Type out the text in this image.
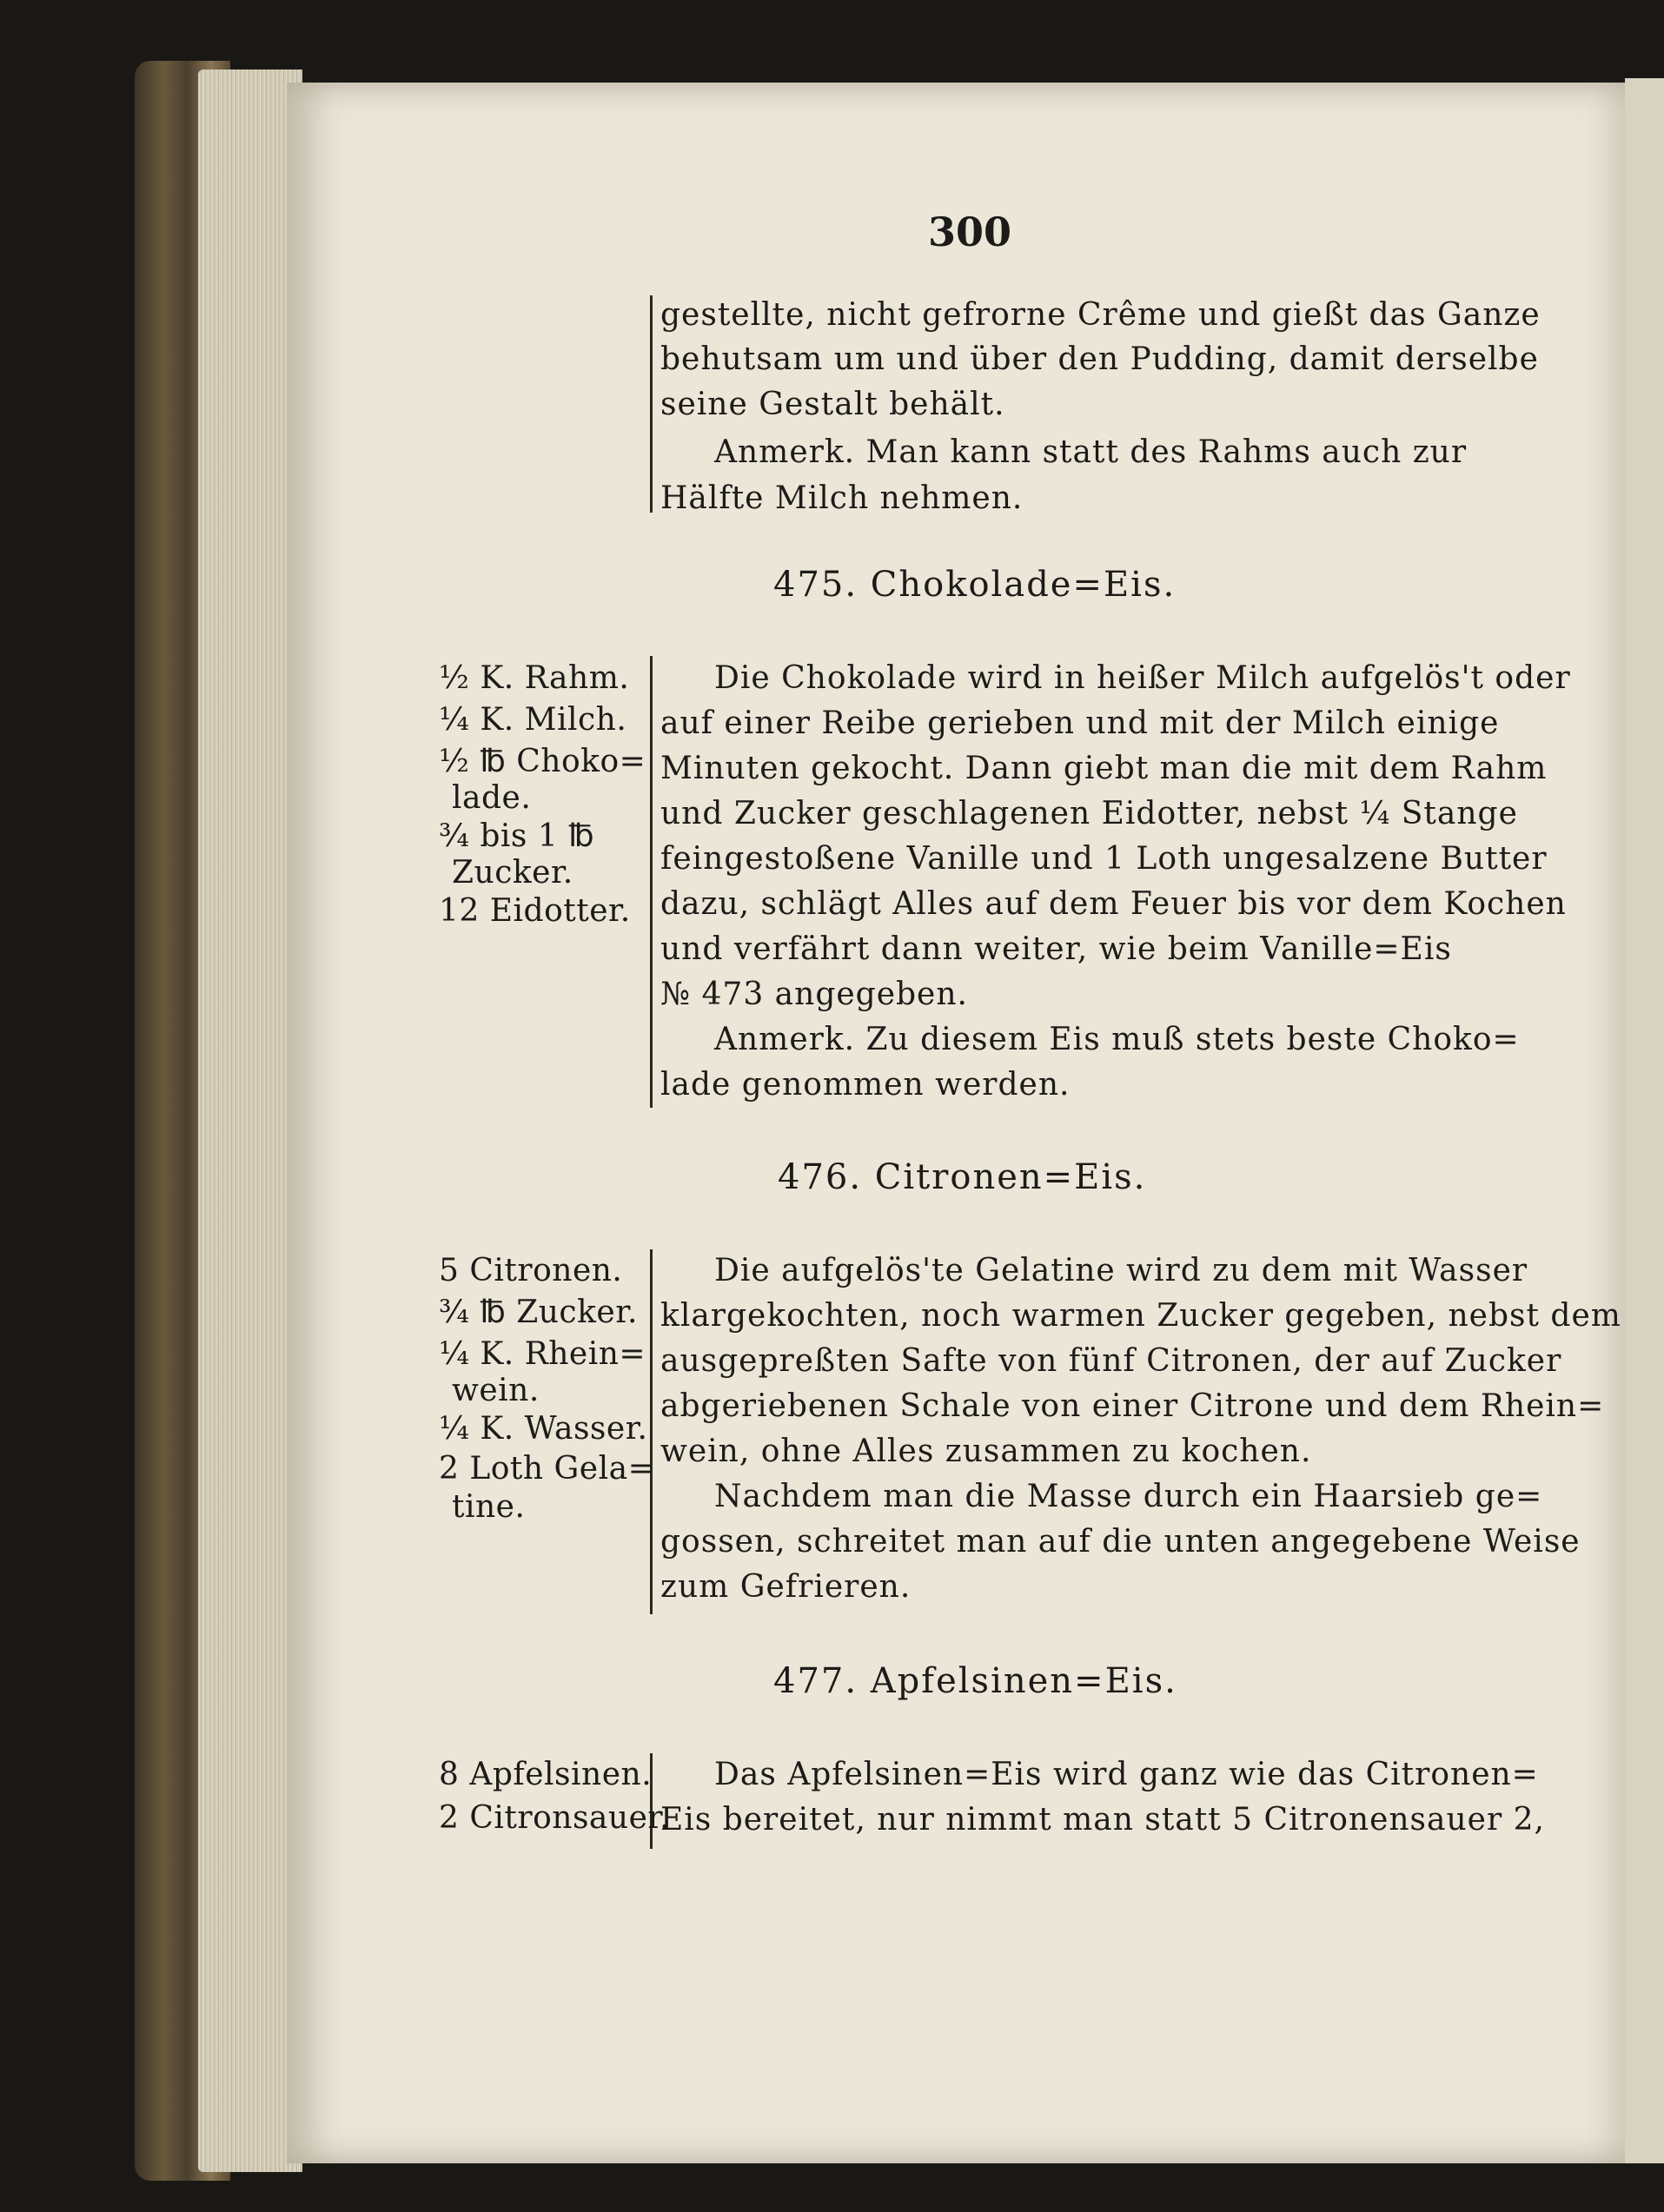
300
gestellte, nicht gefrorne Crême und gießt das Ganze
behutsam um und über den Pudding, damit derselbe
seine Gestalt behält.
Anmerk. Man kann statt des Rahms auch zur
Hälfte Milch nehmen.
475. Chokolade=Eis.
½ K. Rahm.
¼ K. Milch.
½ ℔ Choko=
lade.
¾ bis 1 ℔
Zucker.
12 Eidotter.
Die Chokolade wird in heißer Milch aufgelös't oder
auf einer Reibe gerieben und mit der Milch einige
Minuten gekocht. Dann giebt man die mit dem Rahm
und Zucker geschlagenen Eidotter, nebst ¼ Stange
feingestoßene Vanille und 1 Loth ungesalzene Butter
dazu, schlägt Alles auf dem Feuer bis vor dem Kochen
und verfährt dann weiter, wie beim Vanille=Eis
№ 473 angegeben.
Anmerk. Zu diesem Eis muß stets beste Choko=
lade genommen werden.
476. Citronen=Eis.
5 Citronen.
¾ ℔ Zucker.
¼ K. Rhein=
wein.
¼ K. Wasser.
2 Loth Gela=
tine.
Die aufgelös'te Gelatine wird zu dem mit Wasser
klargekochten, noch warmen Zucker gegeben, nebst dem
ausgepreßten Safte von fünf Citronen, der auf Zucker
abgeriebenen Schale von einer Citrone und dem Rhein=
wein, ohne Alles zusammen zu kochen.
Nachdem man die Masse durch ein Haarsieb ge=
gossen, schreitet man auf die unten angegebene Weise
zum Gefrieren.
477. Apfelsinen=Eis.
8 Apfelsinen.
2 Citronsauer.
Das Apfelsinen=Eis wird ganz wie das Citronen=
Eis bereitet, nur nimmt man statt 5 Citronensauer 2,
